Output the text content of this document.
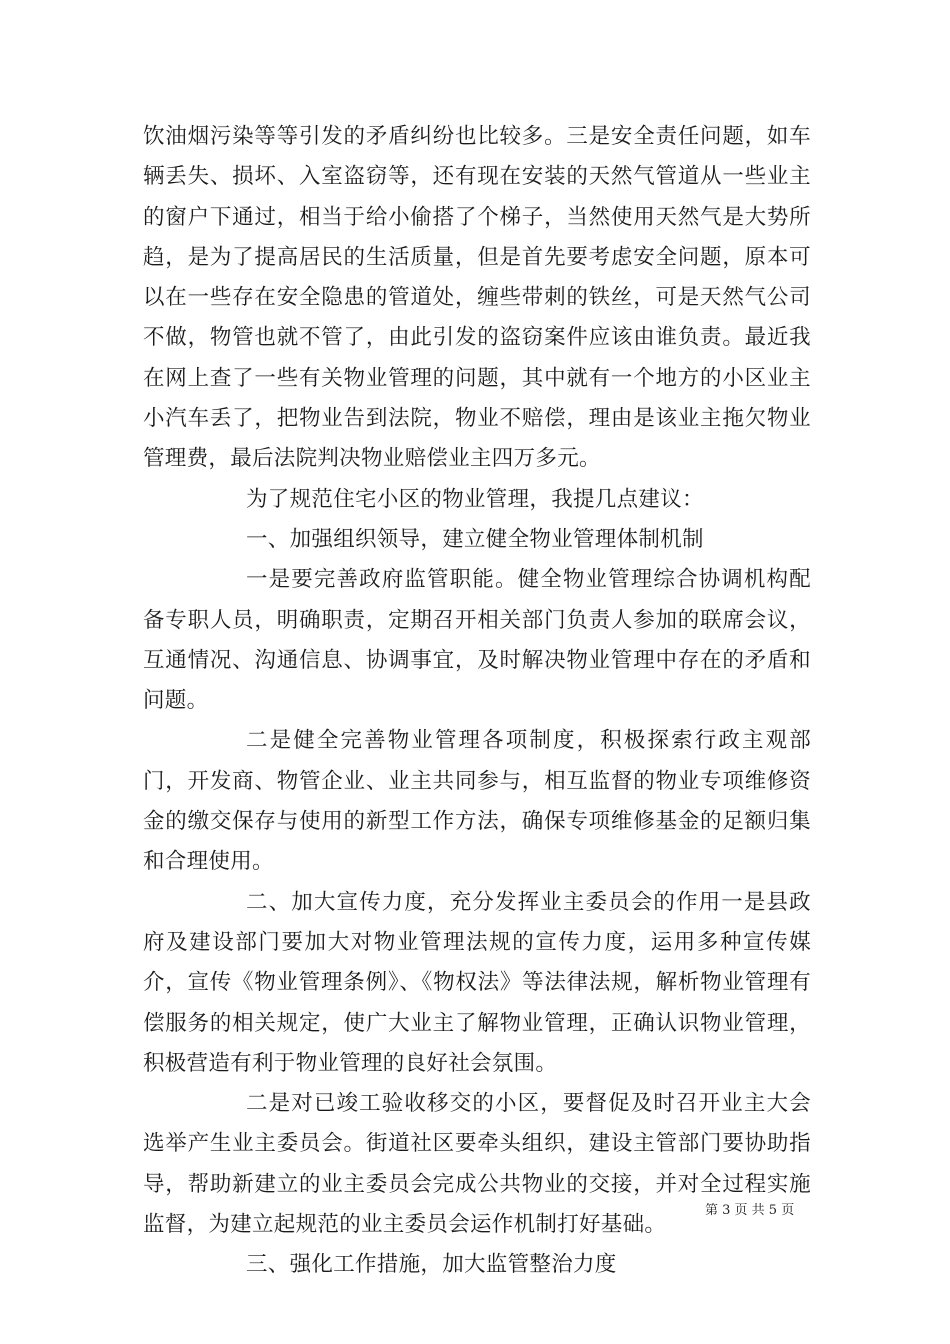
饮油烟污染等等引发的矛盾纠纷也比较多。三是安全责任问题，如车辆丢失、损坏、入室盗窃等，还有现在安装的天然气管道从一些业主的窗户下通过，相当于给小偷搭了个梯子，当然使用天然气是大势所趋，是为了提高居民的生活质量，但是首先要考虑安全问题，原本可以在一些存在安全隐患的管道处，缠些带刺的铁丝，可是天然气公司不做，物管也就不管了，由此引发的盗窃案件应该由谁负责。最近我在网上查了一些有关物业管理的问题，其中就有一个地方的小区业主小汽车丢了，把物业告到法院，物业不赔偿，理由是该业主拖欠物业管理费，最后法院判决物业赔偿业主四万多元。

为了规范住宅小区的物业管理，我提几点建议：

一、加强组织领导，建立健全物业管理体制机制

一是要完善政府监管职能。健全物业管理综合协调机构配备专职人员，明确职责，定期召开相关部门负责人参加的联席会议，互通情况、沟通信息、协调事宜，及时解决物业管理中存在的矛盾和问题。

二是健全完善物业管理各项制度，积极探索行政主观部门，开发商、物管企业、业主共同参与，相互监督的物业专项维修资金的缴交保存与使用的新型工作方法，确保专项维修基金的足额归集和合理使用。

二、加大宣传力度，充分发挥业主委员会的作用一是县政府及建设部门要加大对物业管理法规的宣传力度，运用多种宣传媒介，宣传《物业管理条例》、《物权法》等法律法规，解析物业管理有偿服务的相关规定，使广大业主了解物业管理，正确认识物业管理，积极营造有利于物业管理的良好社会氛围。

二是对已竣工验收移交的小区，要督促及时召开业主大会选举产生业主委员会。街道社区要牵头组织，建设主管部门要协助指导，帮助新建立的业主委员会完成公共物业的交接，并对全过程实施监督，为建立起规范的业主委员会运作机制打好基础。

三、强化工作措施，加大监管整治力度

第 3 页 共 5 页
